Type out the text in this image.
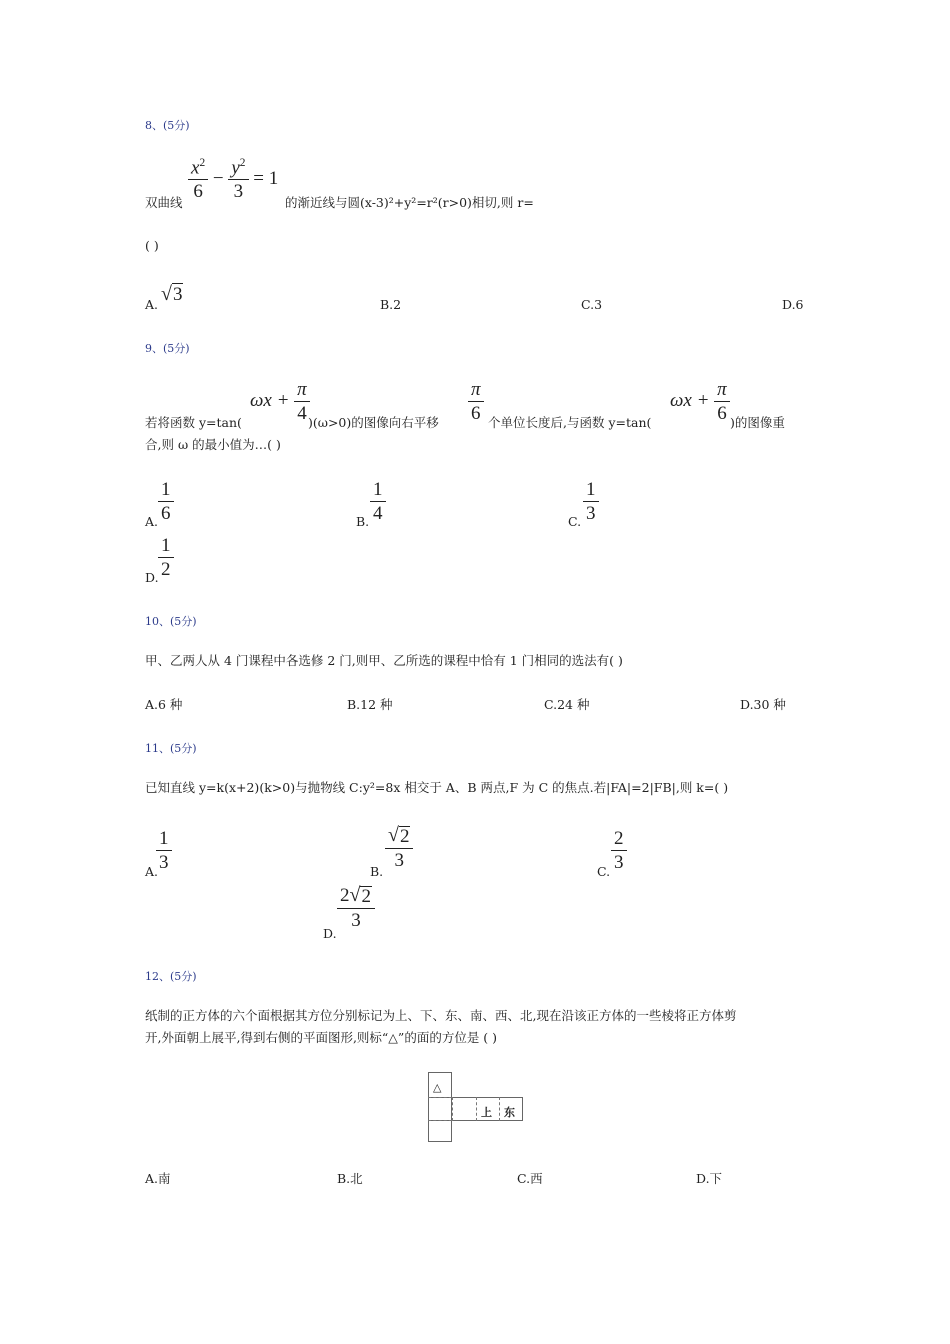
8、(5分)
$\frac{x^2}{6} - \frac{y^2}{3} = 1$
双曲线	的渐近线与圆(x-3)²+y²=r²(r>0)相切,则 r=
( )
A. √ 3	B.2	C.3	D.6
9、(5分)
$\omega x + \frac{\pi}{4}$	$\frac{\pi}{6}$	$\omega x + \frac{\pi}{6}$
若将函数 y=tan(	)(ω>0)的图像向右平移	个单位长度后,与函数 y=tan(	)的图像重
合,则 ω 的最小值为…( )
A. $\frac{1}{6}$	B. $\frac{1}{4}$	C. $\frac{1}{3}$
D. $\frac{1}{2}$
10、(5分)
甲、乙两人从 4 门课程中各选修 2 门,则甲、乙所选的课程中恰有 1 门相同的选法有( )
A.6 种	B.12 种	C.24 种	D.30 种
11、(5分)
已知直线 y=k(x+2)(k>0)与抛物线 C:y²=8x 相交于 A、B 两点,F 为 C 的焦点.若|FA|=2|FB|,则 k=( )
A.
$\frac{1}{3}$	B.
$\frac{√ 2}{3}$
C. $\frac{2}{3}$
D.
$\frac{2 √ 2}{3}$
12、(5分)
纸制的正方体的六个面根据其方位分别标记为上、下、东、南、西、北,现在沿该正方体的一些棱将正方体剪
开,外面朝上展平,得到右侧的平面图形,则标“△”的面的方位是 ( )
△
上 东
A.南	B.北	C.西	D.下
